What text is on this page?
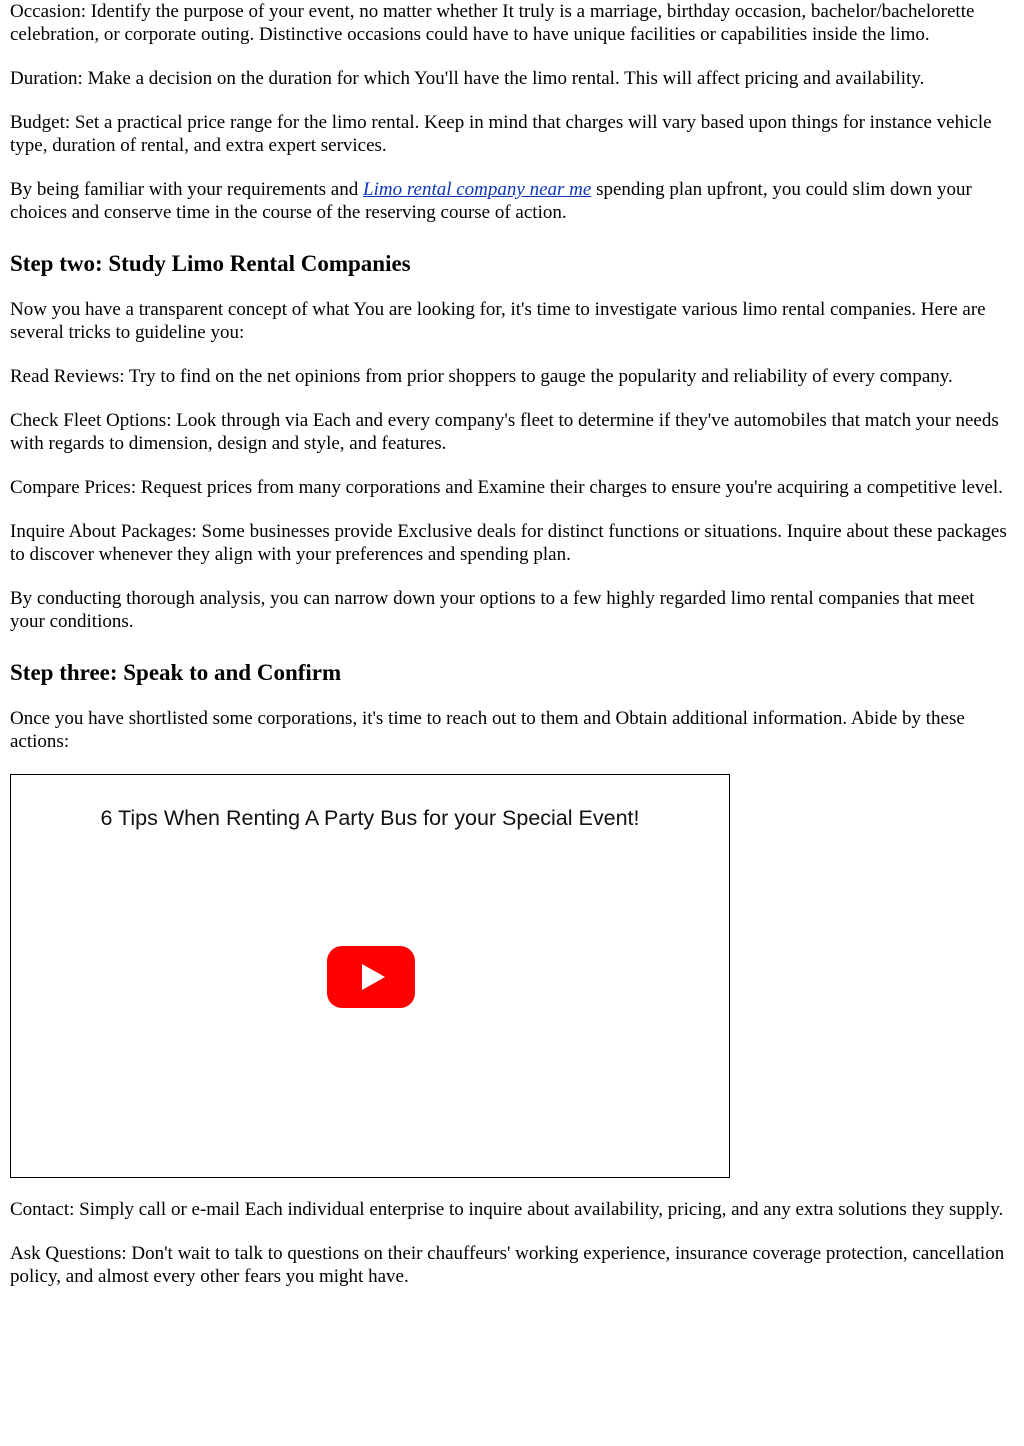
Occasion: Identify the purpose of your event, no matter whether It truly is a marriage, birthday occasion, bachelor/bachelorette celebration, or corporate outing. Distinctive occasions could have to have unique facilities or capabilities inside the limo.

Duration: Make a decision on the duration for which You'll have the limo rental. This will affect pricing and availability.

Budget: Set a practical price range for the limo rental. Keep in mind that charges will vary based upon things for instance vehicle type, duration of rental, and extra expert services.

By being familiar with your requirements and Limo rental company near me spending plan upfront, you could slim down your choices and conserve time in the course of the reserving course of action.

Step two: Study Limo Rental Companies

Now you have a transparent concept of what You are looking for, it's time to investigate various limo rental companies. Here are several tricks to guideline you:

Read Reviews: Try to find on the net opinions from prior shoppers to gauge the popularity and reliability of every company.

Check Fleet Options: Look through via Each and every company's fleet to determine if they've automobiles that match your needs with regards to dimension, design and style, and features.

Compare Prices: Request prices from many corporations and Examine their charges to ensure you're acquiring a competitive level.

Inquire About Packages: Some businesses provide Exclusive deals for distinct functions or situations. Inquire about these packages to discover whenever they align with your preferences and spending plan.

By conducting thorough analysis, you can narrow down your options to a few highly regarded limo rental companies that meet your conditions.

Step three: Speak to and Confirm

Once you have shortlisted some corporations, it's time to reach out to them and Obtain additional information. Abide by these actions:

6 Tips When Renting A Party Bus for your Special Event!

Contact: Simply call or e-mail Each individual enterprise to inquire about availability, pricing, and any extra solutions they supply.

Ask Questions: Don't wait to talk to questions on their chauffeurs' working experience, insurance coverage protection, cancellation policy, and almost every other fears you might have.
